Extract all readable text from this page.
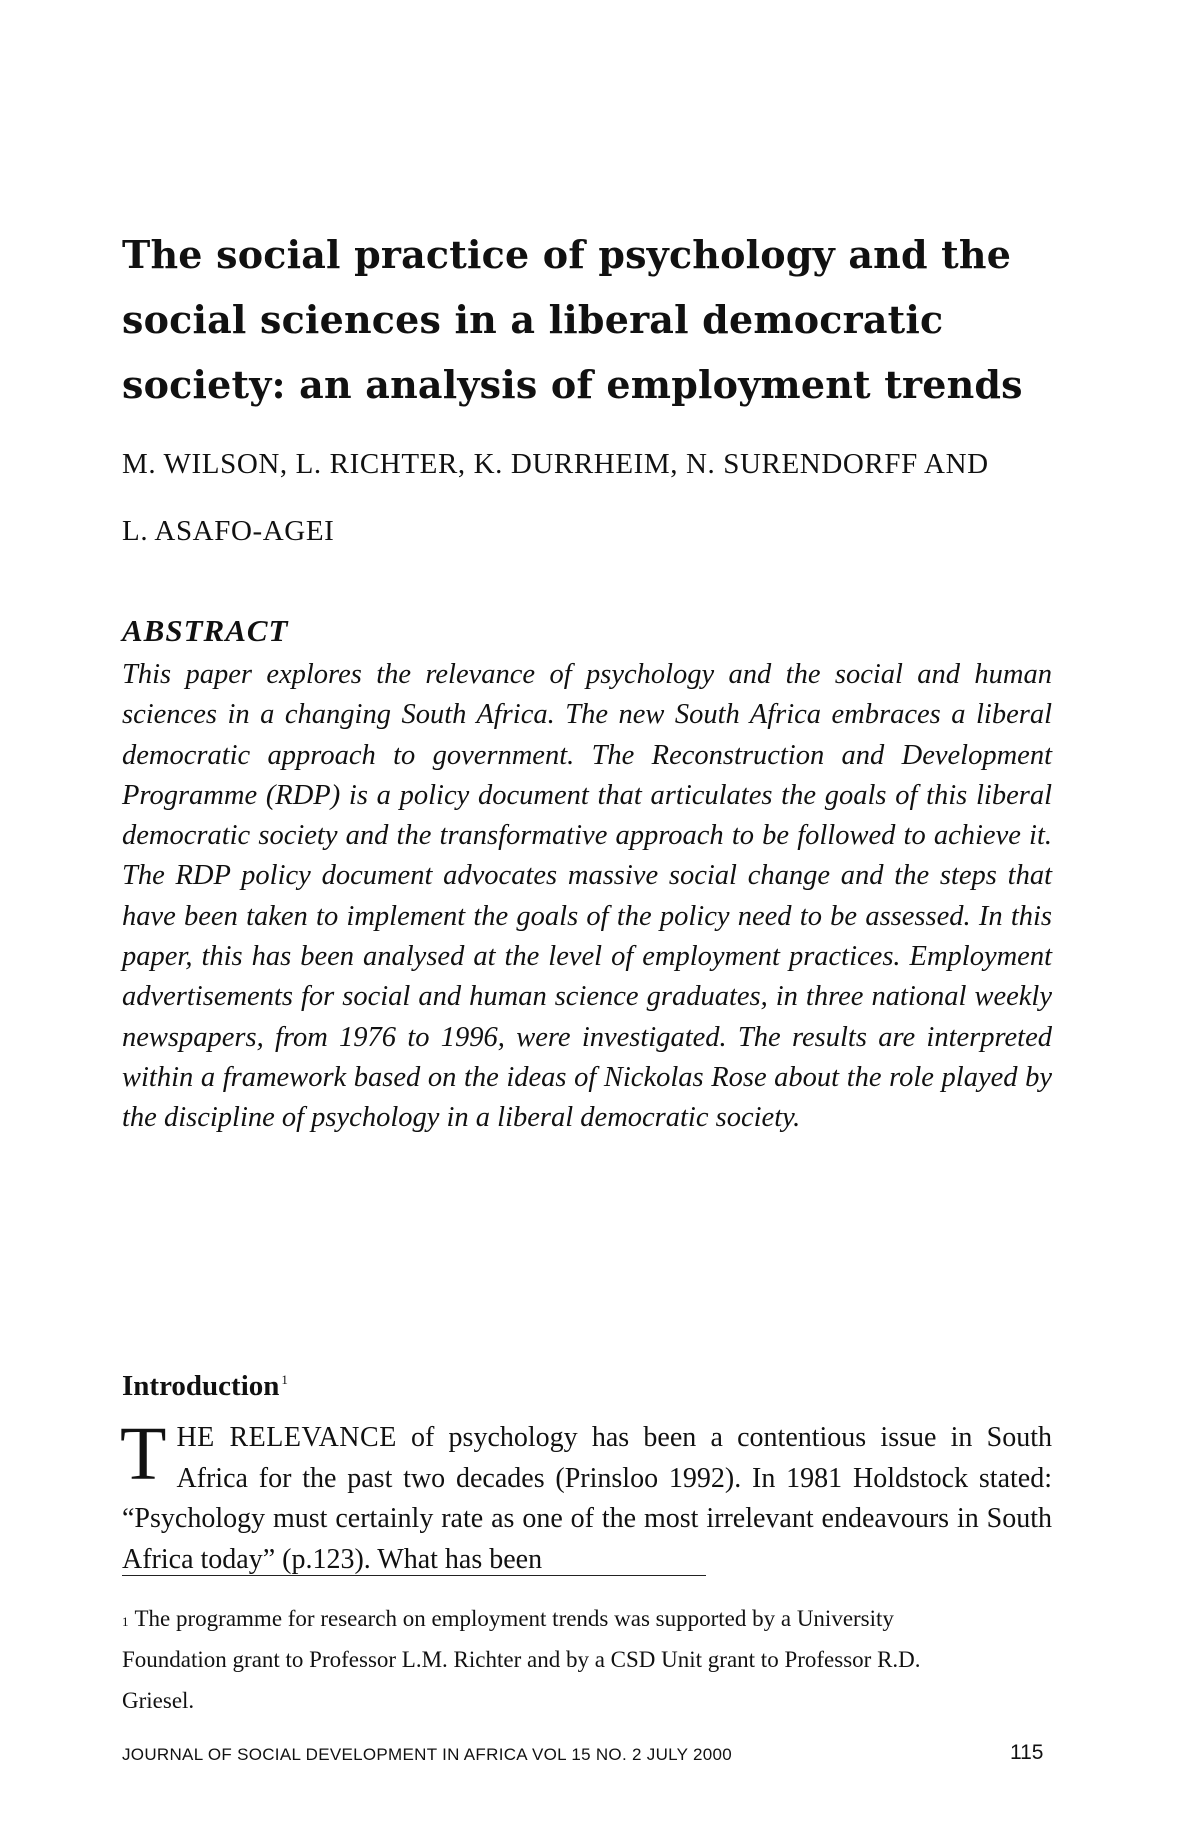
The social practice of psychology and the social sciences in a liberal democratic society: an analysis of employment trends
M. WILSON, L. RICHTER, K. DURRHEIM, N. SURENDORFF AND
L. ASAFO-AGEI
ABSTRACT

This paper explores the relevance of psychology and the social and human sciences in a changing South Africa. The new South Africa embraces a liberal democratic approach to government. The Reconstruction and Development Programme (RDP) is a policy document that articulates the goals of this liberal democratic society and the transformative approach to be followed to achieve it. The RDP policy document advocates massive social change and the steps that have been taken to implement the goals of the policy need to be assessed. In this paper, this has been analysed at the level of employment practices. Employment advertisements for social and human science graduates, in three national weekly newspapers, from 1976 to 1996, were investigated. The results are interpreted within a framework based on the ideas of Nickolas Rose about the role played by the discipline of psychology in a liberal democratic society.

Introduction $^1$

THE RELEVANCE of psychology has been a contentious issue in South Africa for the past two decades (Prinsloo 1992). In 1981 Holdstock stated: “Psychology must certainly rate as one of the most irrelevant endeavours in South Africa today” (p.123). What has been

$^1$ The programme for research on employment trends was supported by a University Foundation grant to Professor L.M. Richter and by a CSD Unit grant to Professor R.D. Griesel.

JOURNAL OF SOCIAL DEVELOPMENT IN AFRICA VOL 15 NO. 2 JULY 2000	115
